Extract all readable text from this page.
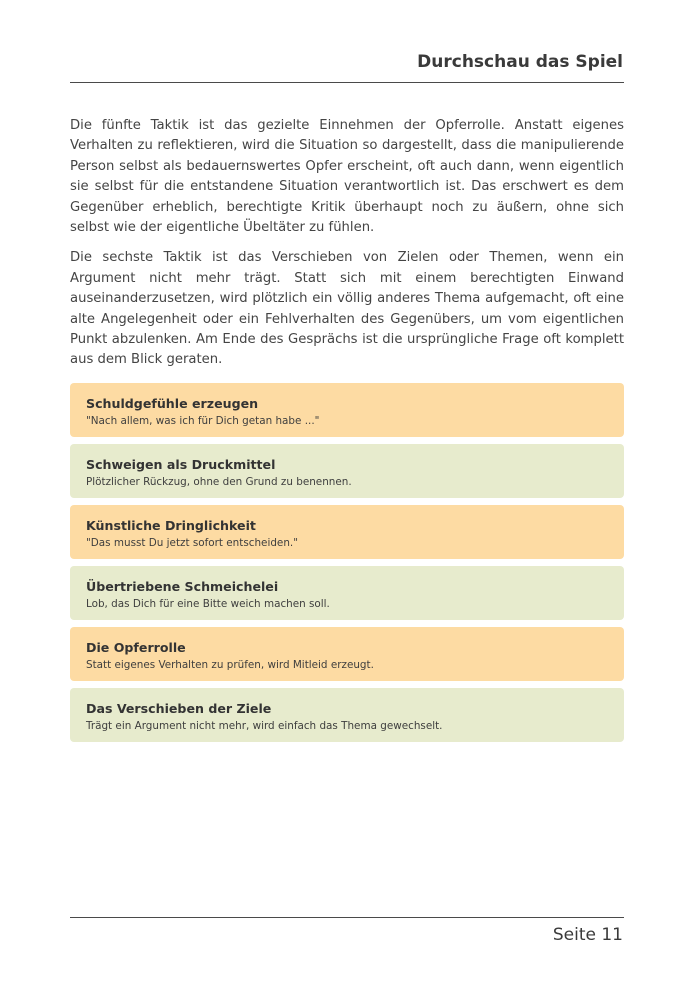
Durchschau das Spiel

Die fünfte Taktik ist das gezielte Einnehmen der Opferrolle. Anstatt eigenes Verhalten zu reflektieren, wird die Situation so dargestellt, dass die manipulierende Person selbst als bedauernswertes Opfer erscheint, oft auch dann, wenn eigentlich sie selbst für die entstandene Situation verantwortlich ist. Das erschwert es dem Gegenüber erheblich, berechtigte Kritik überhaupt noch zu äußern, ohne sich selbst wie der eigentliche Übeltäter zu fühlen.

Die sechste Taktik ist das Verschieben von Zielen oder Themen, wenn ein Argument nicht mehr trägt. Statt sich mit einem berechtigten Einwand auseinanderzusetzen, wird plötzlich ein völlig anderes Thema aufgemacht, oft eine alte Angelegenheit oder ein Fehlverhalten des Gegenübers, um vom eigentlichen Punkt abzulenken. Am Ende des Gesprächs ist die ursprüngliche Frage oft komplett aus dem Blick geraten.

Schuldgefühle erzeugen
"Nach allem, was ich für Dich getan habe ..."
Schweigen als Druckmittel
Plötzlicher Rückzug, ohne den Grund zu benennen.
Künstliche Dringlichkeit
"Das musst Du jetzt sofort entscheiden."
Übertriebene Schmeichelei
Lob, das Dich für eine Bitte weich machen soll.
Die Opferrolle
Statt eigenes Verhalten zu prüfen, wird Mitleid erzeugt.
Das Verschieben der Ziele
Trägt ein Argument nicht mehr, wird einfach das Thema gewechselt.
Seite 11
